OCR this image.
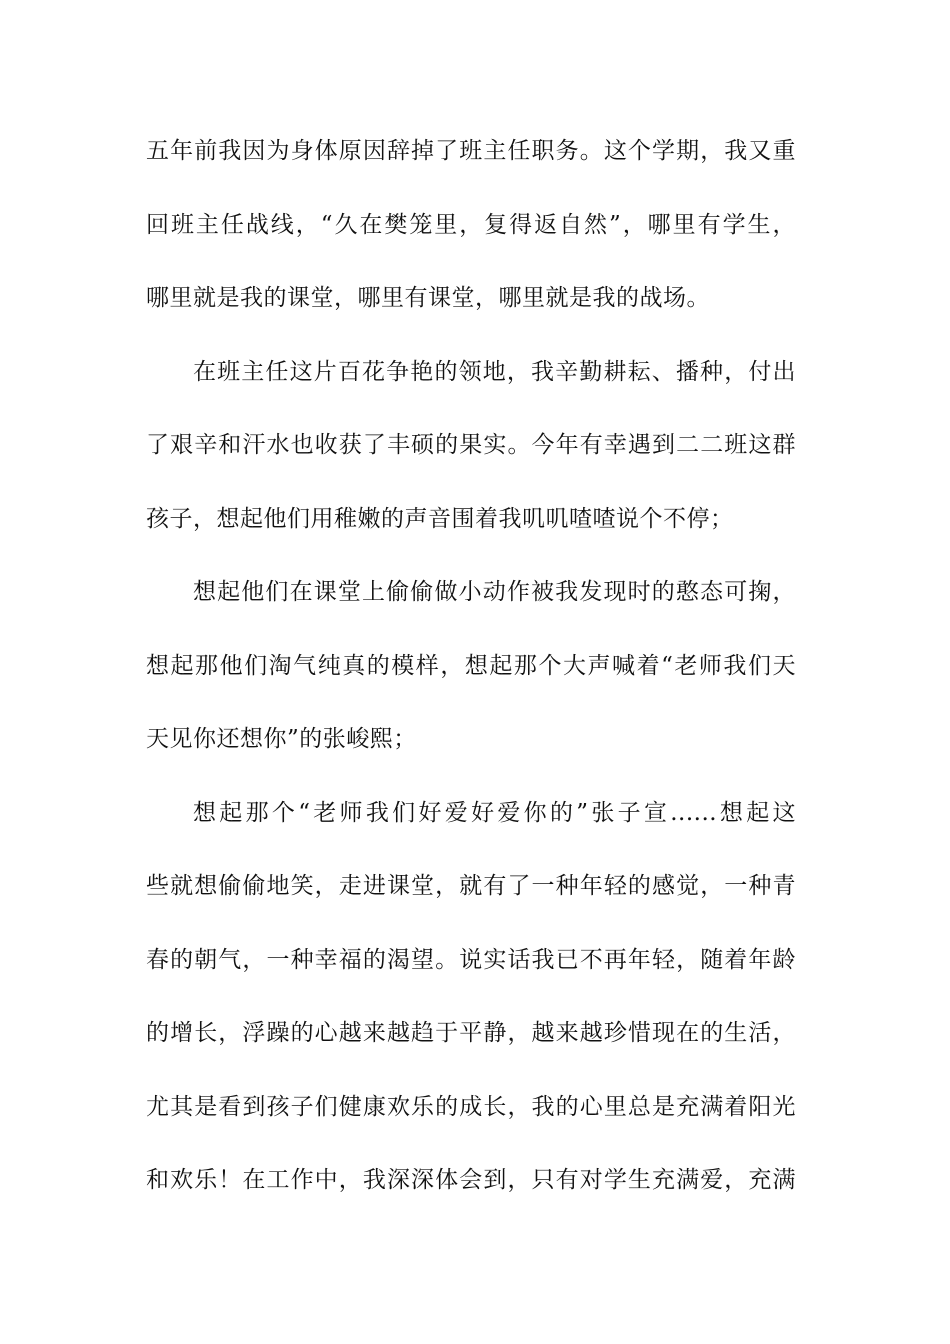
五年前我因为身体原因辞掉了班主任职务。这个学期，我又重
回班主任战线，“久在樊笼里，复得返自然”，哪里有学生，
哪里就是我的课堂，哪里有课堂，哪里就是我的战场。
在班主任这片百花争艳的领地，我辛勤耕耘、播种，付出
了艰辛和汗水也收获了丰硕的果实。今年有幸遇到二二班这群
孩子，想起他们用稚嫩的声音围着我叽叽喳喳说个不停；
想起他们在课堂上偷偷做小动作被我发现时的憨态可掬，
想起那他们淘气纯真的模样，想起那个大声喊着“老师我们天
天见你还想你”的张峻熙；
想起那个“老师我们好爱好爱你的”张子宣......想起这
些就想偷偷地笑，走进课堂，就有了一种年轻的感觉，一种青
春的朝气，一种幸福的渴望。说实话我已不再年轻，随着年龄
的增长，浮躁的心越来越趋于平静，越来越珍惜现在的生活，
尤其是看到孩子们健康欢乐的成长，我的心里总是充满着阳光
和欢乐！在工作中，我深深体会到，只有对学生充满爱，充满
